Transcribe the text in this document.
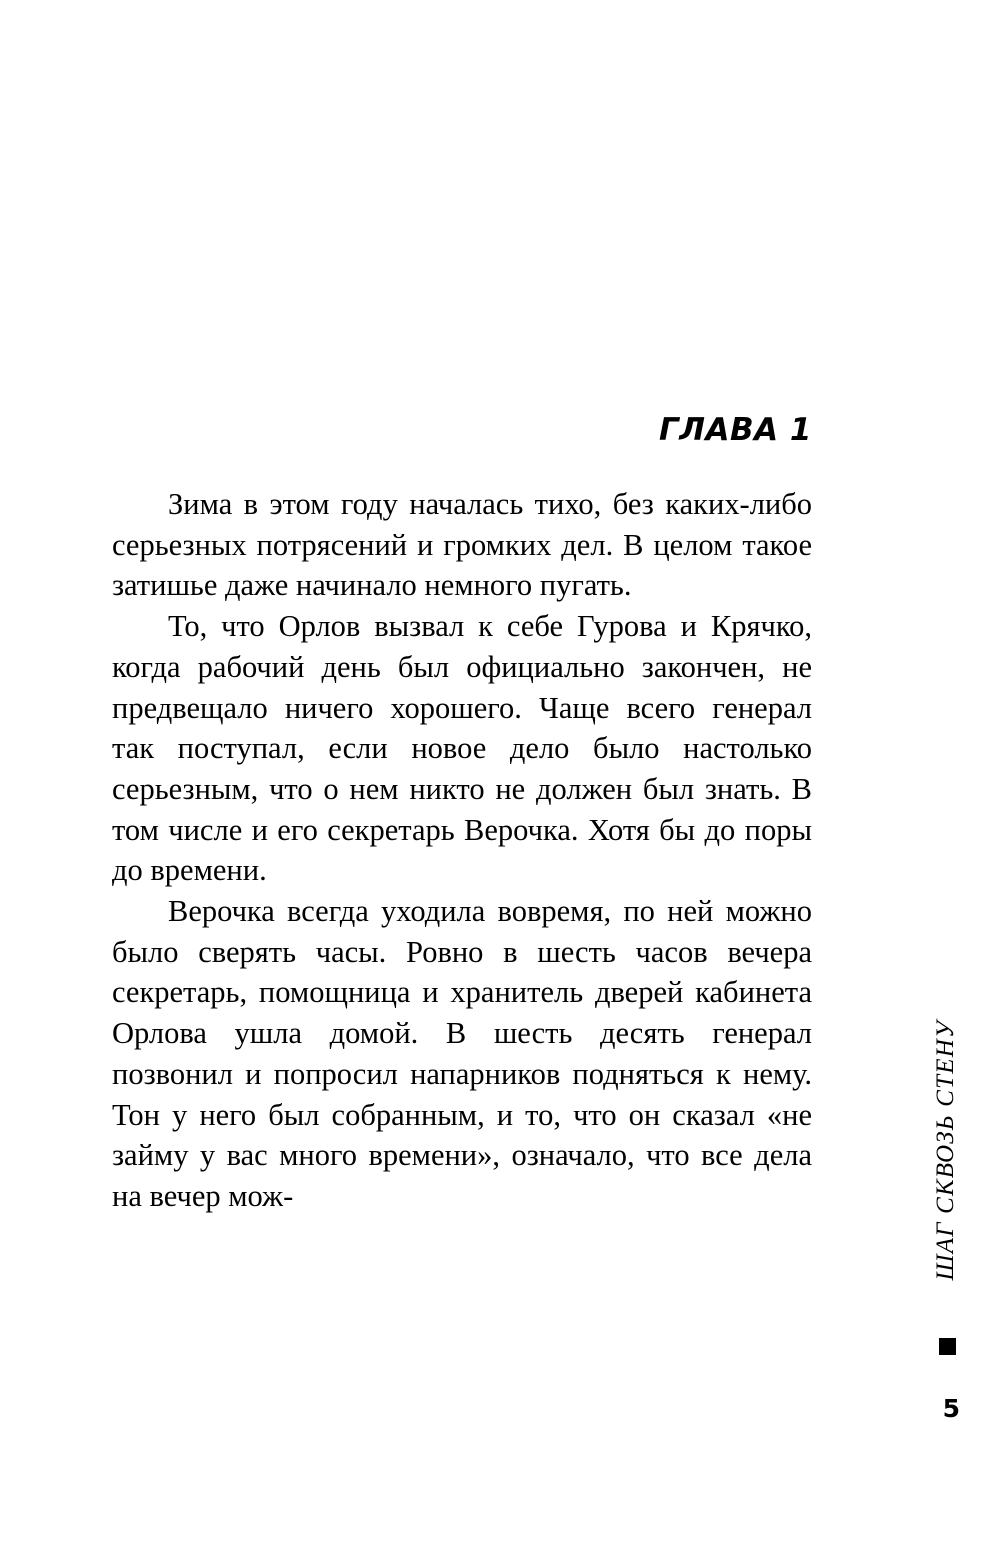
ГЛАВА 1

Зима в этом году началась тихо, без каких-либо серьезных потрясений и громких дел. В целом такое затишье даже начинало немного пугать.

То, что Орлов вызвал к себе Гурова и Крячко, когда рабочий день был официально закончен, не предвещало ничего хорошего. Чаще всего генерал так поступал, если новое дело было настолько серьезным, что о нем никто не должен был знать. В том числе и его секретарь Верочка. Хотя бы до поры до времени.

Верочка всегда уходила вовремя, по ней можно было сверять часы. Ровно в шесть часов вечера секретарь, помощница и хранитель дверей кабинета Орлова ушла домой. В шесть десять генерал позвонил и попросил напарников подняться к нему. Тон у него был собранным, и то, что он сказал «не займу у вас много времени», означало, что все дела на вечер мож-	ШАГ СКВОЗЬ СТЕНУ
5
